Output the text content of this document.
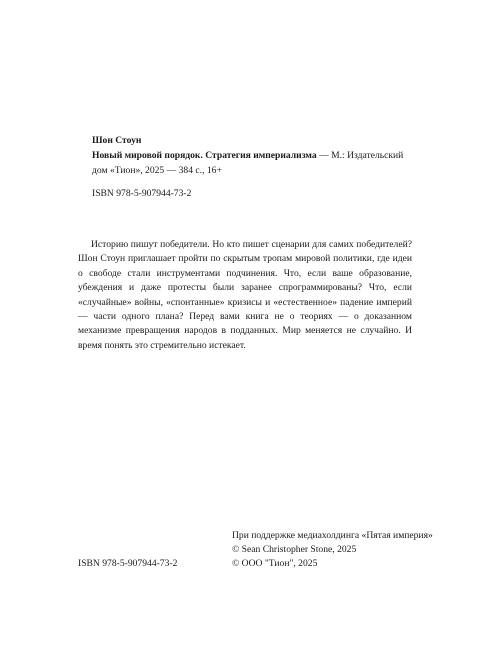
Шон Стоун
Новый мировой порядок. Стратегия империализма — М.: Издательский
дом «Тион», 2025 — 384 с., 16+
ISBN 978-5-907944-73-2

Историю пишут победители. Но кто пишет сценарии для самих победителей? Шон Стоун приглашает пройти по скрытым тропам мировой политики, где идеи о свободе стали инструментами подчинения. Что, если ваше образование, убеждения и даже протесты были заранее спрограммированы? Что, если «случайные» войны, «спонтанные» кризисы и «естественное» падение империй — части одного плана? Перед вами книга не о теориях — о доказанном механизме превращения народов в подданных. Мир меняется не случайно. И время понять это стремительно истекает.

ISBN 978-5-907944-73-2
При поддержке медиахолдинга «Пятая империя»
© Sean Christopher Stone, 2025
© ООО "Тион", 2025
